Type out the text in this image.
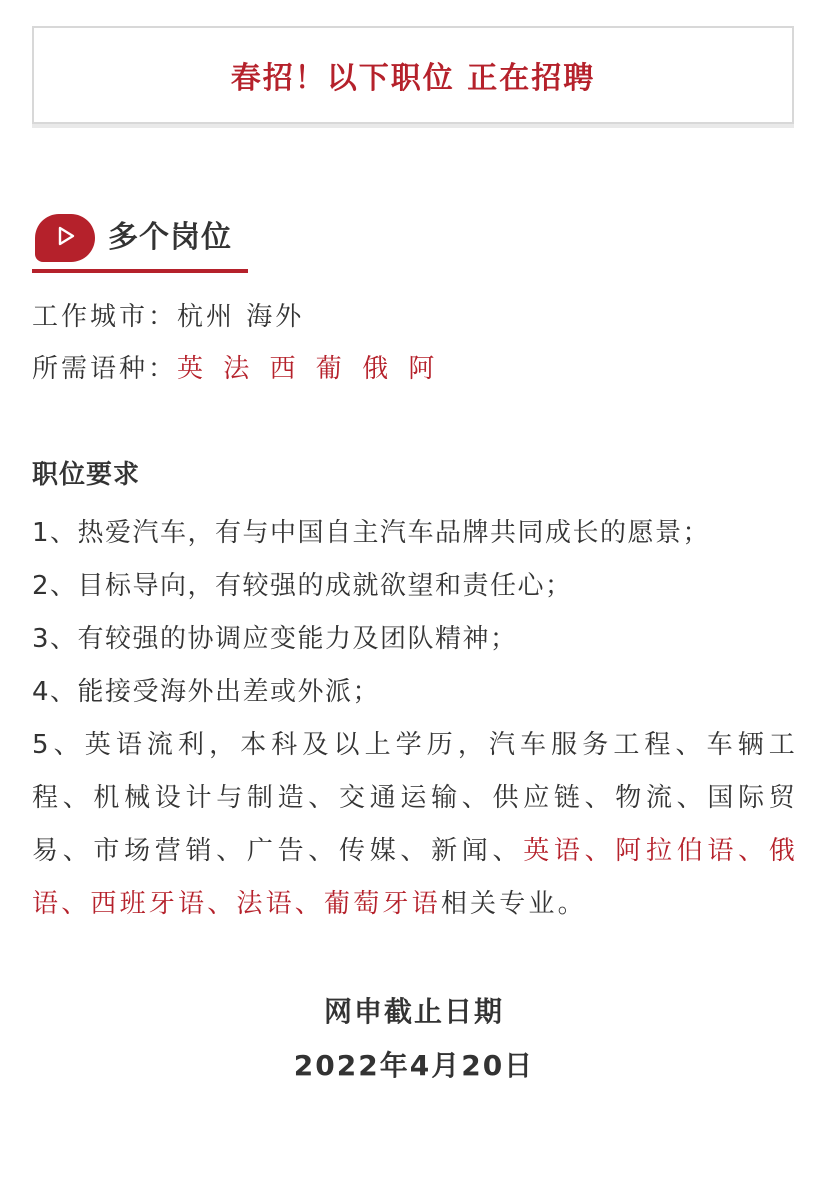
春招！以下职位 正在招聘
多个岗位
工作城市：杭州 海外
所需语种：英 法 西 葡 俄 阿
职位要求
1、热爱汽车，有与中国自主汽车品牌共同成长的愿景；
2、目标导向，有较强的成就欲望和责任心；
3、有较强的协调应变能力及团队精神；
4、能接受海外出差或外派；
5、英语流利，本科及以上学历，汽车服务工程、车辆工程、机械设计与制造、交通运输、供应链、物流、国际贸易、市场营销、广告、传媒、新闻、英语、阿拉伯语、俄语、西班牙语、法语、葡萄牙语相关专业。
网申截止日期
2022年4月20日
